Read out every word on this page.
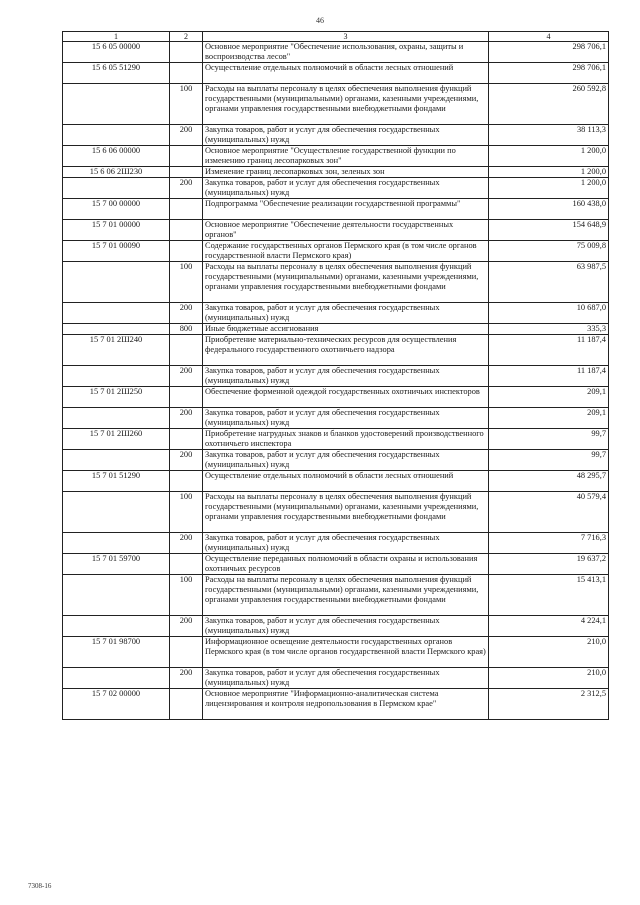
46
1	2	3	4
15 6 05 00000		Основное мероприятие "Обеспечение использования, охраны, защиты и воспроизводства лесов"	298 706,1
15 6 05 51290		Осуществление отдельных полномочий в области лесных отношений	298 706,1
	100	Расходы на выплаты персоналу в целях обеспечения выполнения функций государственными (муниципальными) органами, казенными учреждениями, органами управления государственными внебюджетными фондами	260 592,8
	200	Закупка товаров, работ и услуг для обеспечения государственных (муниципальных) нужд	38 113,3
15 6 06 00000		Основное мероприятие "Осуществление государственной функции по изменению границ лесопарковых зон"	1 200,0
15 6 06 2Ш230		Изменение границ лесопарковых зон, зеленых зон	1 200,0
	200	Закупка товаров, работ и услуг для обеспечения государственных (муниципальных) нужд	1 200,0
15 7 00 00000		Подпрограмма "Обеспечение реализации государственной программы"	160 438,0
15 7 01 00000		Основное мероприятие "Обеспечение деятельности государственных органов"	154 648,9
15 7 01 00090		Содержание государственных органов Пермского края (в том числе органов государственной власти Пермского края)	75 009,8
	100	Расходы на выплаты персоналу в целях обеспечения выполнения функций государственными (муниципальными) органами, казенными учреждениями, органами управления государственными внебюджетными фондами	63 987,5
	200	Закупка товаров, работ и услуг для обеспечения государственных (муниципальных) нужд	10 687,0
	800	Иные бюджетные ассигнования	335,3
15 7 01 2Ш240		Приобретение материально-технических ресурсов для осуществления федерального государственного охотничьего надзора	11 187,4
	200	Закупка товаров, работ и услуг для обеспечения государственных (муниципальных) нужд	11 187,4
15 7 01 2Ш250		Обеспечение форменной одеждой государственных охотничьих инспекторов	209,1
	200	Закупка товаров, работ и услуг для обеспечения государственных (муниципальных) нужд	209,1
15 7 01 2Ш260		Приобретение нагрудных знаков и бланков удостоверений производственного охотничьего инспектора	99,7
	200	Закупка товаров, работ и услуг для обеспечения государственных (муниципальных) нужд	99,7
15 7 01 51290		Осуществление отдельных полномочий в области лесных отношений	48 295,7
	100	Расходы на выплаты персоналу в целях обеспечения выполнения функций государственными (муниципальными) органами, казенными учреждениями, органами управления государственными внебюджетными фондами	40 579,4
	200	Закупка товаров, работ и услуг для обеспечения государственных (муниципальных) нужд	7 716,3
15 7 01 59700		Осуществление переданных полномочий в области охраны и использования охотничьих ресурсов	19 637,2
	100	Расходы на выплаты персоналу в целях обеспечения выполнения функций государственными (муниципальными) органами, казенными учреждениями, органами управления государственными внебюджетными фондами	15 413,1
	200	Закупка товаров, работ и услуг для обеспечения государственных (муниципальных) нужд	4 224,1
15 7 01 98700		Информационное освещение деятельности государственных органов Пермского края (в том числе органов государственной власти Пермского края)	210,0
	200	Закупка товаров, работ и услуг для обеспечения государственных (муниципальных) нужд	210,0
15 7 02 00000		Основное мероприятие "Информационно-аналитическая система лицензирования и контроля недропользования в Пермском крае"	2 312,5
7308-16
